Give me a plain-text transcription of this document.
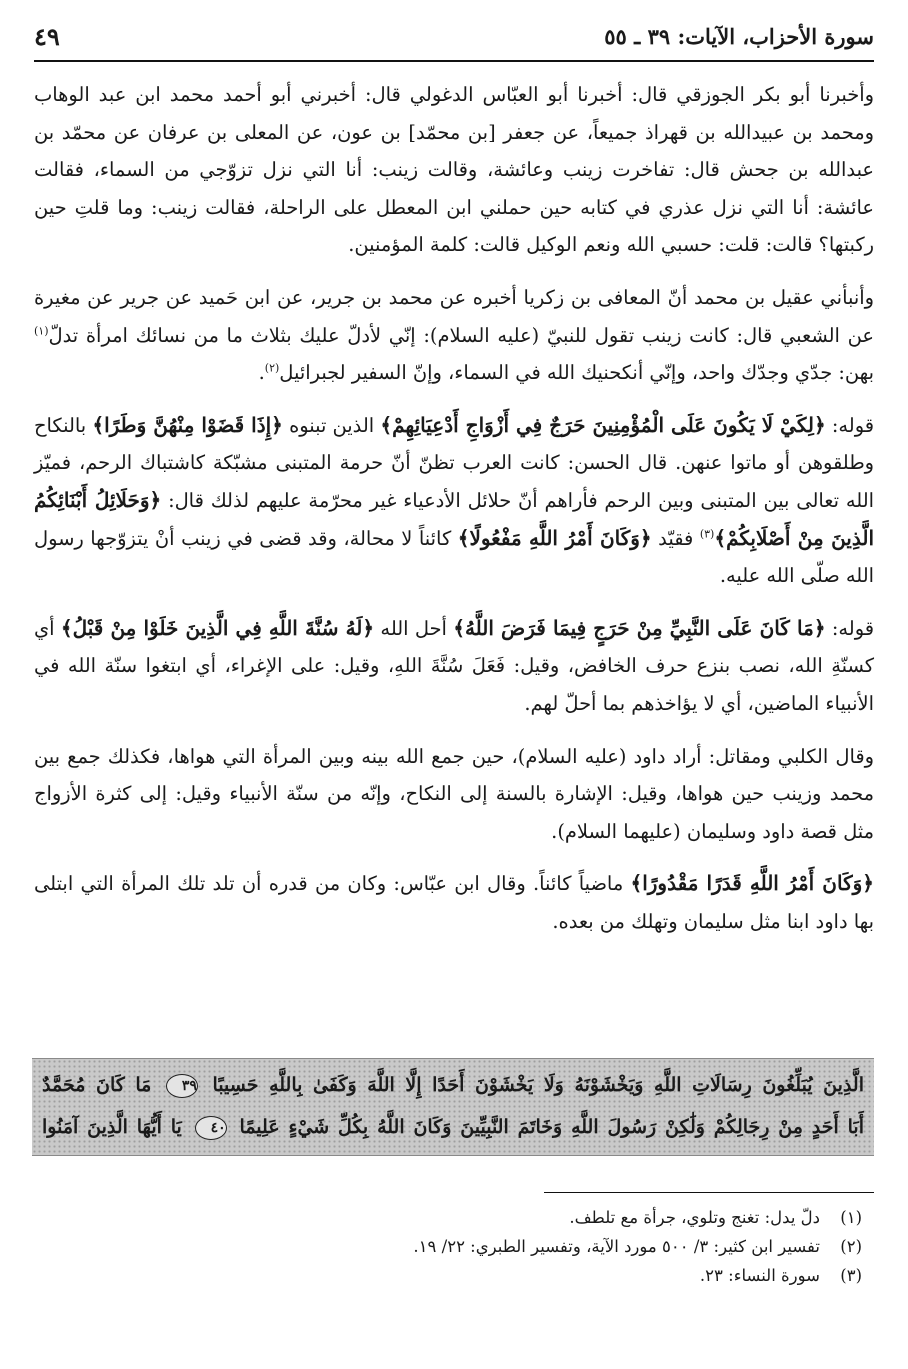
سورة الأحزاب، الآيات: ٣٩ ـ ٥٥
٤٩

وأخبرنا أبو بكر الجوزقي قال: أخبرنا أبو العبّاس الدغولي قال: أخبرني أبو أحمد محمد ابن عبد الوهاب ومحمد بن عبيدالله بن قهراذ جميعاً، عن جعفر [بن محمّد] بن عون، عن المعلى بن عرفان عن محمّد بن عبدالله بن جحش قال: تفاخرت زينب وعائشة، وقالت زينب: أنا التي نزل تزوّجي من السماء، فقالت عائشة: أنا التي نزل عذري في كتابه حين حملني ابن المعطل على الراحلة، فقالت زينب: وما قلتِ حين ركبتها؟ قالت: قلت: حسبي الله ونعم الوكيل قالت: كلمة المؤمنين.

وأنبأني عقيل بن محمد أنّ المعافى بن زكريا أخبره عن محمد بن جرير، عن ابن حَميد عن جرير عن مغيرة عن الشعبي قال: كانت زينب تقول للنبيّ (عليه السلام): إنّي لأدلّ عليك بثلاث ما من نسائك امرأة تدلّ$^{(١)}$ بهن: جدّي وجدّك واحد، وإنّي أنكحنيك الله في السماء، وإنّ السفير لجبرائيل$^{(٢)}$.

قوله: ﴿لِكَيْ لَا يَكُونَ عَلَى الْمُؤْمِنِينَ حَرَجٌ فِي أَزْوَاجِ أَدْعِيَائِهِمْ﴾ الذين تبنوه ﴿إِذَا قَضَوْا مِنْهُنَّ وَطَرًا﴾ بالنكاح وطلقوهن أو ماتوا عنهن. قال الحسن: كانت العرب تظنّ أنّ حرمة المتبنى مشبّكة كاشتباك الرحم، فميّز الله تعالى بين المتبنى وبين الرحم فأراهم أنّ حلائل الأدعياء غير محرّمة عليهم لذلك قال: ﴿وَحَلَائِلُ أَبْنَائِكُمُ الَّذِينَ مِنْ أَصْلَابِكُمْ﴾$^{(٣)}$ فقيّد ﴿وَكَانَ أَمْرُ اللَّهِ مَفْعُولًا﴾ كائناً لا محالة، وقد قضى في زينب أنْ يتزوّجها رسول الله صلّى الله عليه.

قوله: ﴿مَا كَانَ عَلَى النَّبِيِّ مِنْ حَرَجٍ فِيمَا فَرَضَ اللَّهُ﴾ أحل الله ﴿لَهُ سُنَّةَ اللَّهِ فِي الَّذِينَ خَلَوْا مِنْ قَبْلُ﴾ أي كسنّةِ الله، نصب بنزع حرف الخافض، وقيل: فَعَلَ سُنَّةَ اللهِ، وقيل: على الإغراء، أي ابتغوا سنّة الله في الأنبياء الماضين، أي لا يؤاخذهم بما أحلّ لهم.

وقال الكلبي ومقاتل: أراد داود (عليه السلام)، حين جمع الله بينه وبين المرأة التي هواها، فكذلك جمع بين محمد وزينب حين هواها، وقيل: الإشارة بالسنة إلى النكاح، وإنّه من سنّة الأنبياء وقيل: إلى كثرة الأزواج مثل قصة داود وسليمان (عليهما السلام).

﴿وَكَانَ أَمْرُ اللَّهِ قَدَرًا مَقْدُورًا﴾ ماضياً كائناً. وقال ابن عبّاس: وكان من قدره أن تلد تلك المرأة التي ابتلى بها داود ابنا مثل سليمان وتهلك من بعده.

الَّذِينَ يُبَلِّغُونَ رِسَالَاتِ اللَّهِ وَيَخْشَوْنَهُ وَلَا يَخْشَوْنَ أَحَدًا إِلَّا اللَّهَ وَكَفَىٰ بِاللَّهِ حَسِيبًا ٣٩ مَا كَانَ مُحَمَّدٌ
أَبَا أَحَدٍ مِنْ رِجَالِكُمْ وَلَٰكِنْ رَسُولَ اللَّهِ وَخَاتَمَ النَّبِيِّينَ وَكَانَ اللَّهُ بِكُلِّ شَيْءٍ عَلِيمًا ٤٠ يَا أَيُّهَا الَّذِينَ آمَنُوا
(١)دلّ يدل: تغنج وتلوي، جرأة مع تلطف.
(٢)تفسير ابن كثير: ٣/ ٥٠٠ مورد الآية، وتفسير الطبري: ٢٢/ ١٩.
(٣)سورة النساء: ٢٣.
